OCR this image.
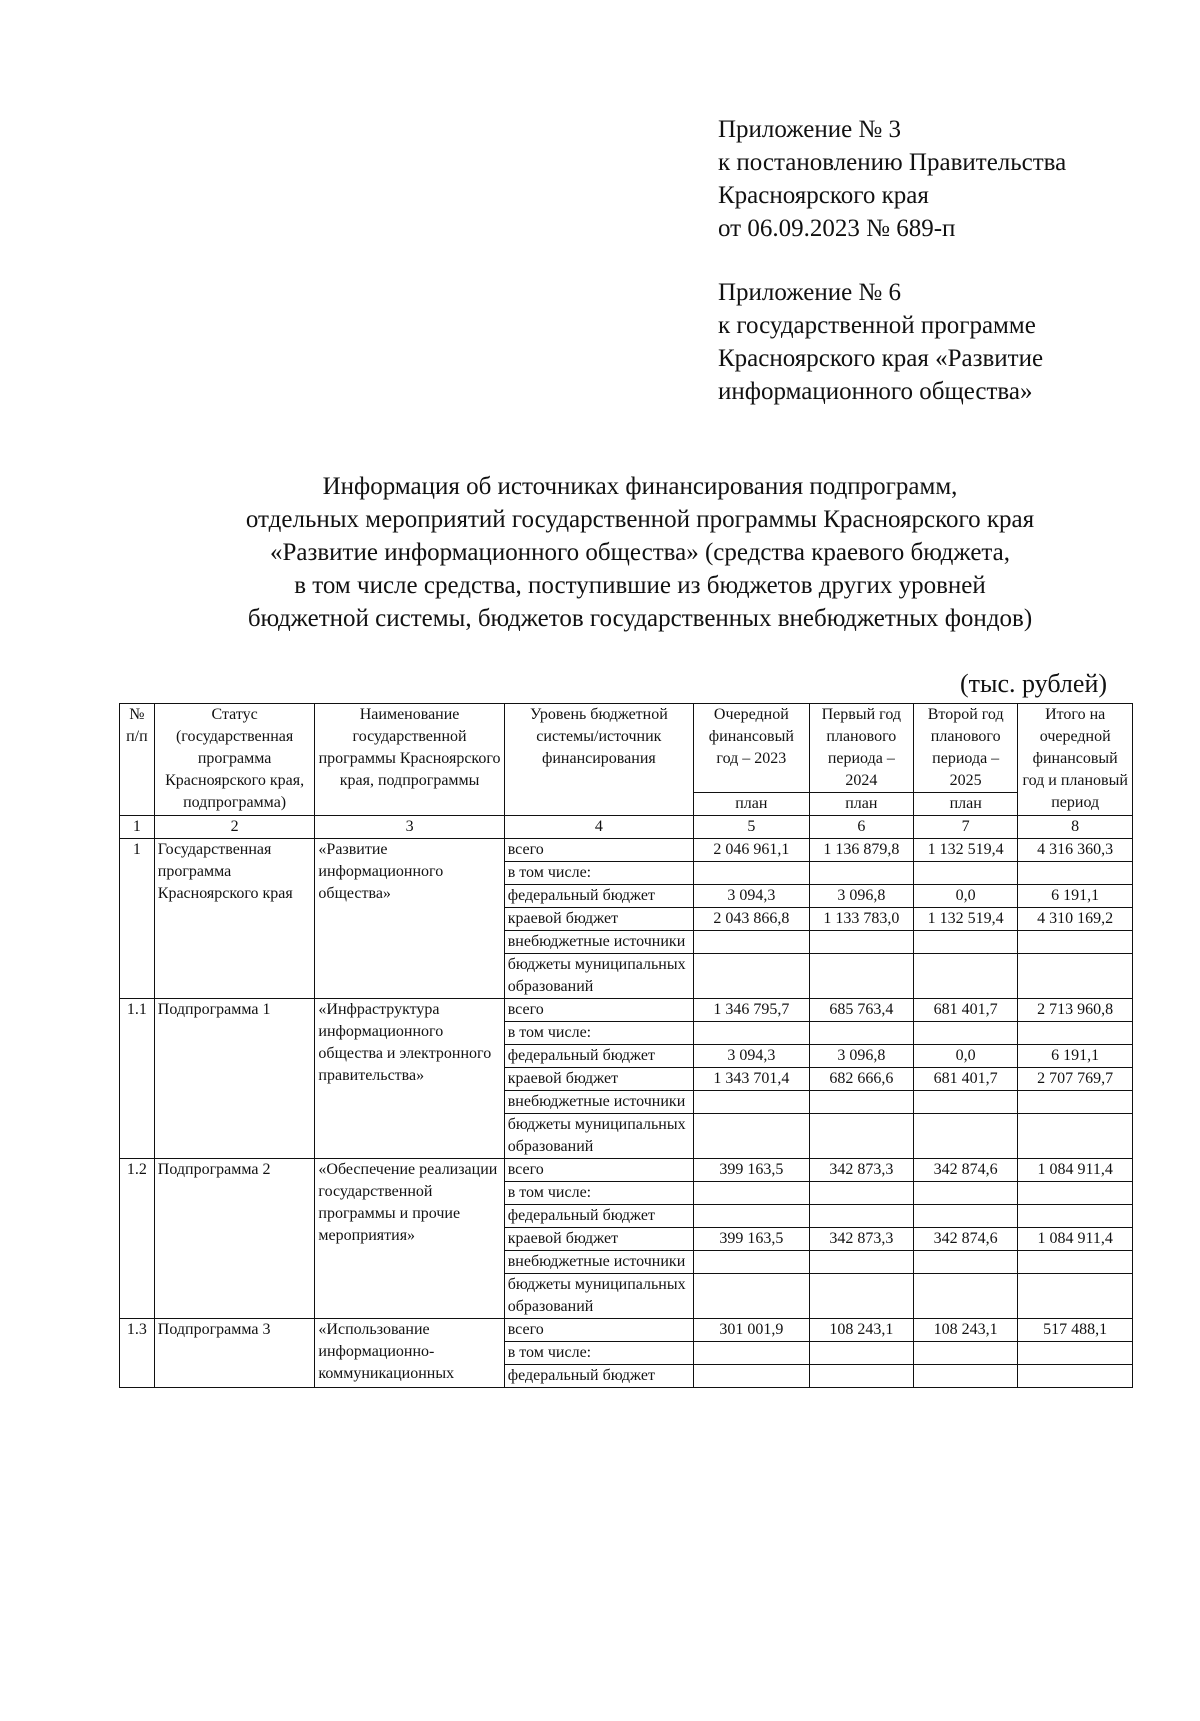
Приложение № 3
к постановлению Правительства
Красноярского края
от 06.09.2023 № 689-п
Приложение № 6
к государственной программе
Красноярского края «Развитие
информационного общества»
Информация об источниках финансирования подпрограмм,
отдельных мероприятий государственной программы Красноярского края
«Развитие информационного общества» (средства краевого бюджета,
в том числе средства, поступившие из бюджетов других уровней
бюджетной системы, бюджетов государственных внебюджетных фондов)
(тыс. рублей)
№ п/п	Статус (государственная программа Красноярского края, подпрограмма)	Наименование государственной программы Красноярского края, подпрограммы	Уровень бюджетной системы/источник финансирования	Очередной финансовый год – 2023	Первый год планового периода – 2024	Второй год планового периода – 2025	Итого на очередной финансовый год и плановый период
				план	план	план	
1	2	3	4	5	6	7	8
1	Государственная программа Красноярского края	«Развитие информационного общества»	всего	2 046 961,1	1 136 879,8	1 132 519,4	4 316 360,3
			в том числе:				
			федеральный бюджет	3 094,3	3 096,8	0,0	6 191,1
			краевой бюджет	2 043 866,8	1 133 783,0	1 132 519,4	4 310 169,2
			внебюджетные источники				
			бюджеты муниципальных образований				
1.1	Подпрограмма 1	«Инфраструктура информационного общества и электронного правительства»	всего	1 346 795,7	685 763,4	681 401,7	2 713 960,8
			в том числе:				
			федеральный бюджет	3 094,3	3 096,8	0,0	6 191,1
			краевой бюджет	1 343 701,4	682 666,6	681 401,7	2 707 769,7
			внебюджетные источники				
			бюджеты муниципальных образований				
1.2	Подпрограмма 2	«Обеспечение реализации государственной программы и прочие мероприятия»	всего	399 163,5	342 873,3	342 874,6	1 084 911,4
			в том числе:				
			федеральный бюджет				
			краевой бюджет	399 163,5	342 873,3	342 874,6	1 084 911,4
			внебюджетные источники				
			бюджеты муниципальных образований				
1.3	Подпрограмма 3	«Использование информационно-коммуникационных	всего	301 001,9	108 243,1	108 243,1	517 488,1
			в том числе:				
			федеральный бюджет				
